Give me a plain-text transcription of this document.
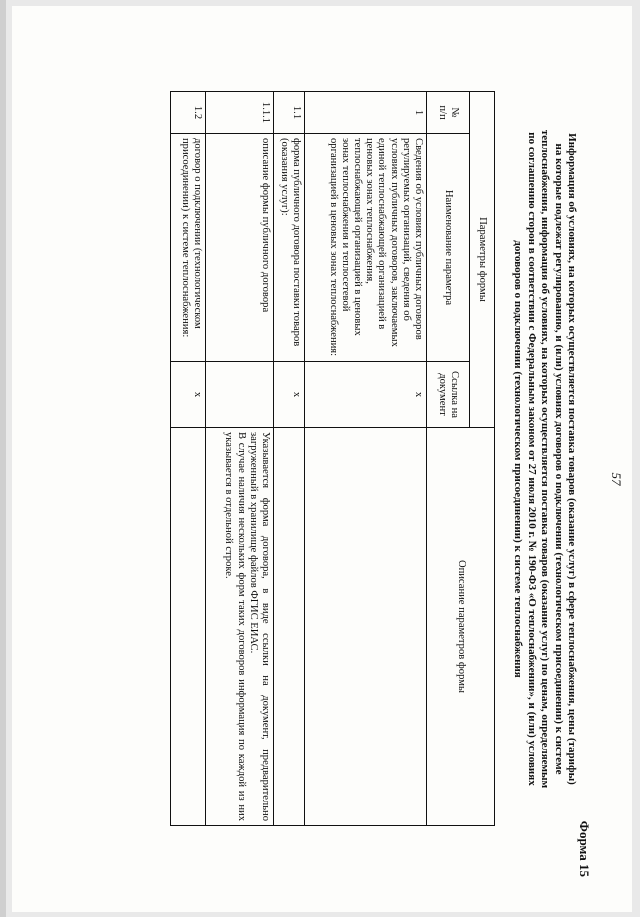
57
Форма 15
Информация об условиях, на которых осуществляется поставка товаров (оказание услуг) в сфере теплоснабжения, цены (тарифы)
на которые подлежат регулированию, и (или) условиях договоров о подключении (технологическом присоединении) к системе
теплоснабжения, информация об условиях, на которых осуществляется поставка товаров (оказание услуг) по ценам, определяемым
по соглашению сторон в соответствии с Федеральным законом от 27 июля 2010 г. № 190-ФЗ «О теплоснабжении», и (или) условиях
договоров о подключении (технологическом присоединении) к системе теплоснабжения
Параметры формы			Описание параметров формы
№
п/п	Наименование параметра	Ссылка на документ	
1	Сведения об условиях публичных договоров регулируемых организаций, сведения об условиях публичных договоров, заключаемых единой теплоснабжающей организацией в ценовых зонах теплоснабжения, теплоснабжающей организацией в ценовых зонах теплоснабжения и теплосетевой организацией в ценовых зонах теплоснабжения:	x	
1.1	форма публичного договора поставки товаров (оказания услуг):	x	
1.1.1	описание формы публичного договора		Указывается форма договора, в виде ссылки на документ, предварительно загруженный в хранилище файлов ФГИС ЕИАС.
В случае наличия нескольких форм таких договоров информация по каждой из них указывается в отдельной строке.
1.2	договор о подключении (технологическом присоединении) к системе теплоснабжения:	x	
